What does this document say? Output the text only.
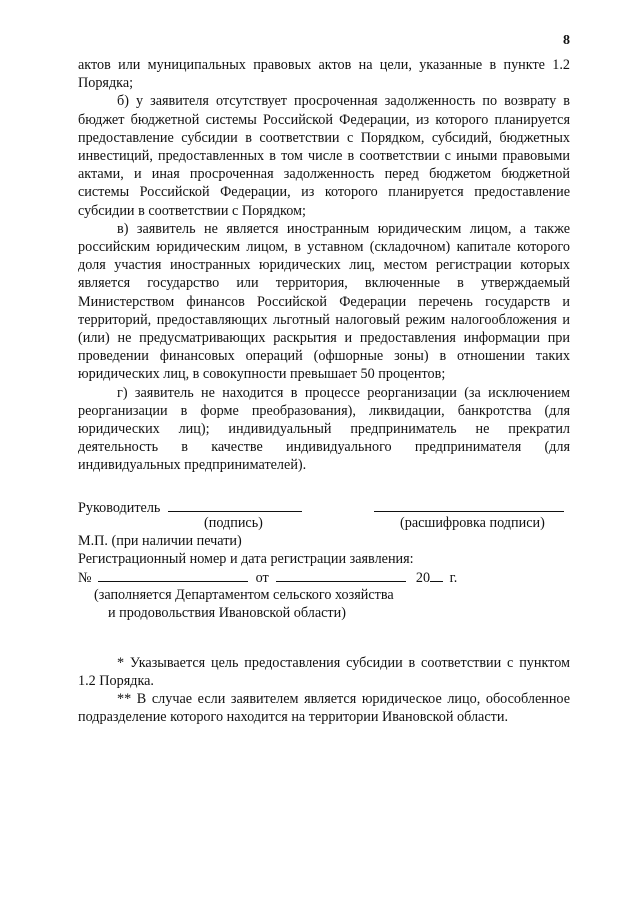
8

актов или муниципальных правовых актов на цели, указанные в пункте 1.2 Порядка;

б) у заявителя отсутствует просроченная задолженность по возврату в бюджет бюджетной системы Российской Федерации, из которого планируется предоставление субсидии в соответствии с Порядком, субсидий, бюджетных инвестиций, предоставленных в том числе в соответствии с иными правовыми актами, и иная просроченная задолженность перед бюджетом бюджетной системы Российской Федерации, из которого планируется предоставление субсидии в соответствии с Порядком;

в) заявитель не является иностранным юридическим лицом, а также российским юридическим лицом, в уставном (складочном) капитале которого доля участия иностранных юридических лиц, местом регистрации которых является государство или территория, включенные в утверждаемый Министерством финансов Российской Федерации перечень государств и территорий, предоставляющих льготный налоговый режим налогообложения и (или) не предусматривающих раскрытия и предоставления информации при проведении финансовых операций (офшорные зоны) в отношении таких юридических лиц, в совокупности превышает 50 процентов;

г) заявитель не находится в процессе реорганизации (за исключением реорганизации в форме преобразования), ликвидации, банкротства (для юридических лиц); индивидуальный предприниматель не прекратил деятельность в качестве индивидуального предпринимателя (для индивидуальных предпринимателей).

Руководитель
(подпись)	(расшифровка подписи)
М.П. (при наличии печати)
Регистрационный номер и дата регистрации заявления:
№	от	20 г.
(заполняется Департаментом сельского хозяйства
и продовольствия Ивановской области)

* Указывается цель предоставления субсидии в соответствии с пунктом 1.2 Порядка.

** В случае если заявителем является юридическое лицо, обособленное подразделение которого находится на территории Ивановской области.
